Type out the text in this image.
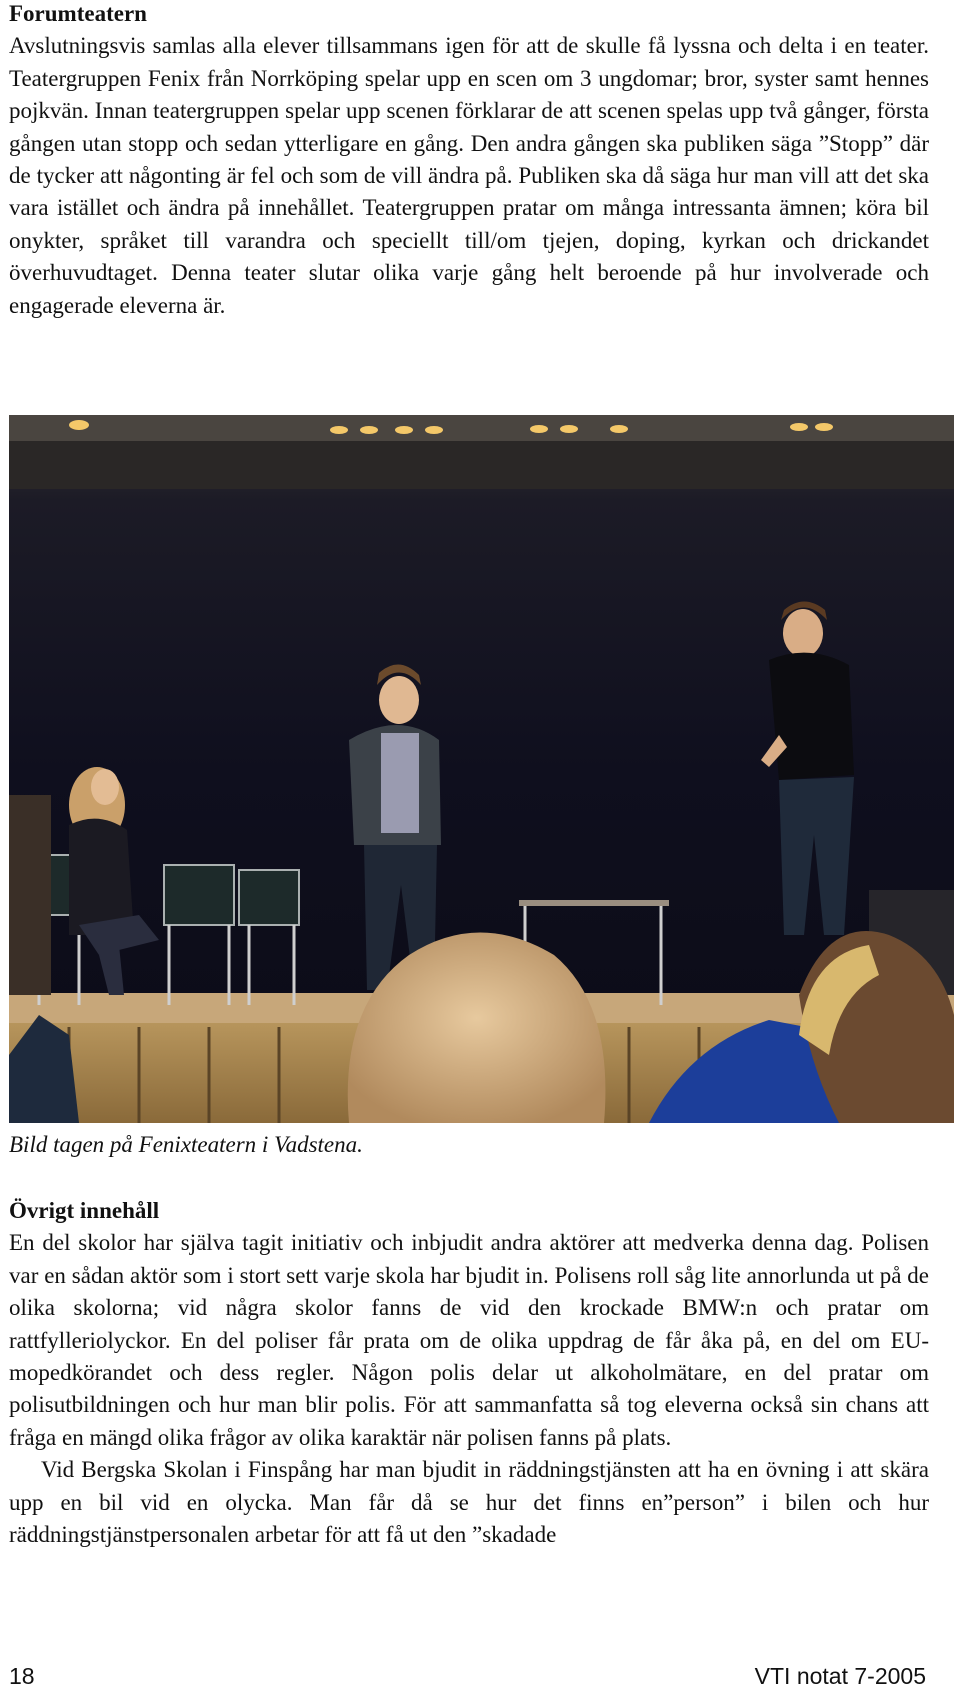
Forumteatern

Avslutningsvis samlas alla elever tillsammans igen för att de skulle få lyssna och delta i en teater. Teatergruppen Fenix från Norrköping spelar upp en scen om 3 ungdomar; bror, syster samt hennes pojkvän. Innan teatergruppen spelar upp scenen förklarar de att scenen spelas upp två gånger, första gången utan stopp och sedan ytterligare en gång. Den andra gången ska publiken säga ”Stopp” där de tycker att någonting är fel och som de vill ändra på. Publiken ska då säga hur man vill att det ska vara istället och ändra på innehållet. Teatergruppen pratar om många intressanta ämnen; köra bil onykter, språket till varandra och speciellt till/om tjejen, doping, kyrkan och drickandet överhuvudtaget. Denna teater slutar olika varje gång helt beroende på hur involverade och engagerade eleverna är.

Bild tagen på Fenixteatern i Vadstena.
Övrigt innehåll

En del skolor har själva tagit initiativ och inbjudit andra aktörer att medverka denna dag. Polisen var en sådan aktör som i stort sett varje skola har bjudit in. Polisens roll såg lite annorlunda ut på de olika skolorna; vid några skolor fanns de vid den krockade BMW:n och pratar om rattfylleriolyckor. En del poliser får prata om de olika uppdrag de får åka på, en del om EU-mopedkörandet och dess regler. Någon polis delar ut alkoholmätare, en del pratar om polisutbildningen och hur man blir polis. För att sammanfatta så tog eleverna också sin chans att fråga en mängd olika frågor av olika karaktär när polisen fanns på plats.

Vid Bergska Skolan i Finspång har man bjudit in räddningstjänsten att ha en övning i att skära upp en bil vid en olycka. Man får då se hur det finns en”person” i bilen och hur räddningstjänstpersonalen arbetar för att få ut den ”skadade

18	VTI notat 7-2005
